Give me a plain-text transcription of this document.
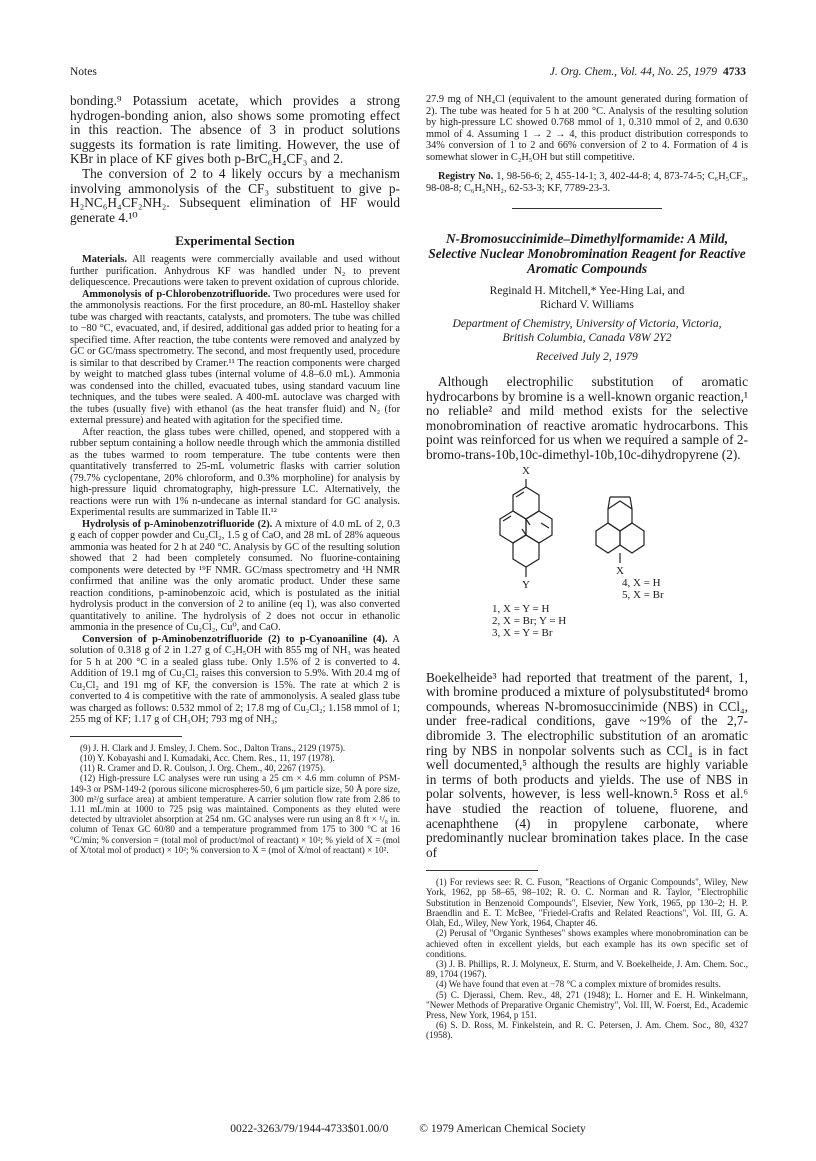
Notes	J. Org. Chem., Vol. 44, No. 25, 1979 4733

bonding.⁹ Potassium acetate, which provides a strong hydrogen-bonding anion, also shows some promoting effect in this reaction. The absence of 3 in product solutions suggests its formation is rate limiting. However, the use of KBr in place of KF gives both p-BrC₆H₄CF₃ and 2.

The conversion of 2 to 4 likely occurs by a mechanism involving ammonolysis of the CF₃ substituent to give p-H₂NC₆H₄CF₂NH₂. Subsequent elimination of HF would generate 4.¹⁰

Experimental Section

Materials. All reagents were commercially available and used without further purification. Anhydrous KF was handled under N₂ to prevent deliquescence. Precautions were taken to prevent oxidation of cuprous chloride.

Ammonolysis of p-Chlorobenzotrifluoride. Two procedures were used for the ammonolysis reactions. For the first procedure, an 80-mL Hastelloy shaker tube was charged with reactants, catalysts, and promoters. The tube was chilled to −80 °C, evacuated, and, if desired, additional gas added prior to heating for a specified time. After reaction, the tube contents were removed and analyzed by GC or GC/mass spectrometry. The second, and most frequently used, procedure is similar to that described by Cramer.¹¹ The reaction components were charged by weight to matched glass tubes (internal volume of 4.8–6.0 mL). Ammonia was condensed into the chilled, evacuated tubes, using standard vacuum line techniques, and the tubes were sealed. A 400-mL autoclave was charged with the tubes (usually five) with ethanol (as the heat transfer fluid) and N₂ (for external pressure) and heated with agitation for the specified time.

After reaction, the glass tubes were chilled, opened, and stoppered with a rubber septum containing a hollow needle through which the ammonia distilled as the tubes warmed to room temperature. The tube contents were then quantitatively transferred to 25-mL volumetric flasks with carrier solution (79.7% cyclopentane, 20% chloroform, and 0.3% morpholine) for analysis by high-pressure liquid chromatography, high-pressure LC. Alternatively, the reactions were run with 1% n-undecane as internal standard for GC analysis. Experimental results are summarized in Table II.¹²

Hydrolysis of p-Aminobenzotrifluoride (2). A mixture of 4.0 mL of 2, 0.3 g each of copper powder and Cu₂Cl₂, 1.5 g of CaO, and 28 mL of 28% aqueous ammonia was heated for 2 h at 240 °C. Analysis by GC of the resulting solution showed that 2 had been completely consumed. No fluorine-containing components were detected by ¹⁹F NMR. GC/mass spectrometry and ¹H NMR confirmed that aniline was the only aromatic product. Under these same reaction conditions, p-aminobenzoic acid, which is postulated as the initial hydrolysis product in the conversion of 2 to aniline (eq 1), was also converted quantitatively to aniline. The hydrolysis of 2 does not occur in ethanolic ammonia in the presence of Cu₂Cl₂, Cu⁰, and CaO.

Conversion of p-Aminobenzotrifluoride (2) to p-Cyanoaniline (4). A solution of 0.318 g of 2 in 1.27 g of C₂H₅OH with 855 mg of NH₃ was heated for 5 h at 200 °C in a sealed glass tube. Only 1.5% of 2 is converted to 4. Addition of 19.1 mg of Cu₂Cl₂ raises this conversion to 5.9%. With 20.4 mg of Cu₂Cl₂ and 191 mg of KF, the conversion is 15%. The rate at which 2 is converted to 4 is competitive with the rate of ammonolysis. A sealed glass tube was charged as follows: 0.532 mmol of 2; 17.8 mg of Cu₂Cl₂; 1.158 mmol of 1; 255 mg of KF; 1.17 g of CH₃OH; 793 mg of NH₃;

(9) J. H. Clark and J. Emsley, J. Chem. Soc., Dalton Trans., 2129 (1975).

(10) Y. Kobayashi and I. Kumadaki, Acc. Chem. Res., 11, 197 (1978).

(11) R. Cramer and D. R. Coulson, J. Org. Chem., 40, 2267 (1975).

(12) High-pressure LC analyses were run using a 25 cm × 4.6 mm column of PSM-149-3 or PSM-149-2 (porous silicone microspheres-50, 6 μm particle size, 50 Å pore size, 300 m²/g surface area) at ambient temperature. A carrier solution flow rate from 2.86 to 1.11 mL/min at 1000 to 725 psig was maintained. Components as they eluted were detected by ultraviolet absorption at 254 nm. GC analyses were run using an 8 ft × ¹/₈ in. column of Tenax GC 60/80 and a temperature programmed from 175 to 300 °C at 16 °C/min; % conversion = (total mol of product/mol of reactant) × 10²; % yield of X = (mol of X/total mol of product) × 10²; % conversion to X = (mol of X/mol of reactant) × 10².

27.9 mg of NH₄Cl (equivalent to the amount generated during formation of 2). The tube was heated for 5 h at 200 °C. Analysis of the resulting solution by high-pressure LC showed 0.768 mmol of 1, 0.310 mmol of 2, and 0.630 mmol of 4. Assuming 1 → 2 → 4, this product distribution corresponds to 34% conversion of 1 to 2 and 66% conversion of 2 to 4. Formation of 4 is somewhat slower in C₂H₅OH but still competitive.

Registry No. 1, 98-56-6; 2, 455-14-1; 3, 402-44-8; 4, 873-74-5; C₆H₅CF₃, 98-08-8; C₆H₅NH₂, 62-53-3; KF, 7789-23-3.

N-Bromosuccinimide–Dimethylformamide: A Mild, Selective Nuclear Monobromination Reagent for Reactive Aromatic Compounds
Reginald H. Mitchell,* Yee-Hing Lai, and
Richard V. Williams
Department of Chemistry, University of Victoria, Victoria,
British Columbia, Canada V8W 2Y2
Received July 2, 1979

Although electrophilic substitution of aromatic hydrocarbons by bromine is a well-known organic reaction,¹ no reliable² and mild method exists for the selective monobromination of reactive aromatic hydrocarbons. This point was reinforced for us when we required a sample of 2-bromo-trans-10b,10c-dimethyl-10b,10c-dihydropyrene (2).

X
Y
X
4, X = H
5, X = Br
1, X = Y = H
2, X = Br; Y = H
3, X = Y = Br

Boekelheide³ had reported that treatment of the parent, 1, with bromine produced a mixture of polysubstituted⁴ bromo compounds, whereas N-bromosuccinimide (NBS) in CCl₄, under free-radical conditions, gave ~19% of the 2,7-dibromide 3. The electrophilic substitution of an aromatic ring by NBS in nonpolar solvents such as CCl₄ is in fact well documented,⁵ although the results are highly variable in terms of both products and yields. The use of NBS in polar solvents, however, is less well-known.⁵ Ross et al.⁶ have studied the reaction of toluene, fluorene, and acenaphthene (4) in propylene carbonate, where predominantly nuclear bromination takes place. In the case of

(1) For reviews see: R. C. Fuson, "Reactions of Organic Compounds", Wiley, New York, 1962, pp 58–65, 98–102; R. O. C. Norman and R. Taylor, "Electrophilic Substitution in Benzenoid Compounds", Elsevier, New York, 1965, pp 130–2; H. P. Braendlin and E. T. McBee, "Friedel-Crafts and Related Reactions", Vol. III, G. A. Olah, Ed., Wiley, New York, 1964, Chapter 46.

(2) Perusal of "Organic Syntheses" shows examples where monobromination can be achieved often in excellent yields, but each example has its own specific set of conditions.

(3) J. B. Phillips, R. J. Molyneux, E. Sturm, and V. Boekelheide, J. Am. Chem. Soc., 89, 1704 (1967).

(4) We have found that even at −78 °C a complex mixture of bromides results.

(5) C. Djerassi, Chem. Rev., 48, 271 (1948); L. Horner and E. H. Winkelmann, "Newer Methods of Preparative Organic Chemistry", Vol. III, W. Foerst, Ed., Academic Press, New York, 1964, p 151.

(6) S. D. Ross, M. Finkelstein, and R. C. Petersen, J. Am. Chem. Soc., 80, 4327 (1958).

0022-3263/79/1944-4733$01.00/0	© 1979 American Chemical Society
